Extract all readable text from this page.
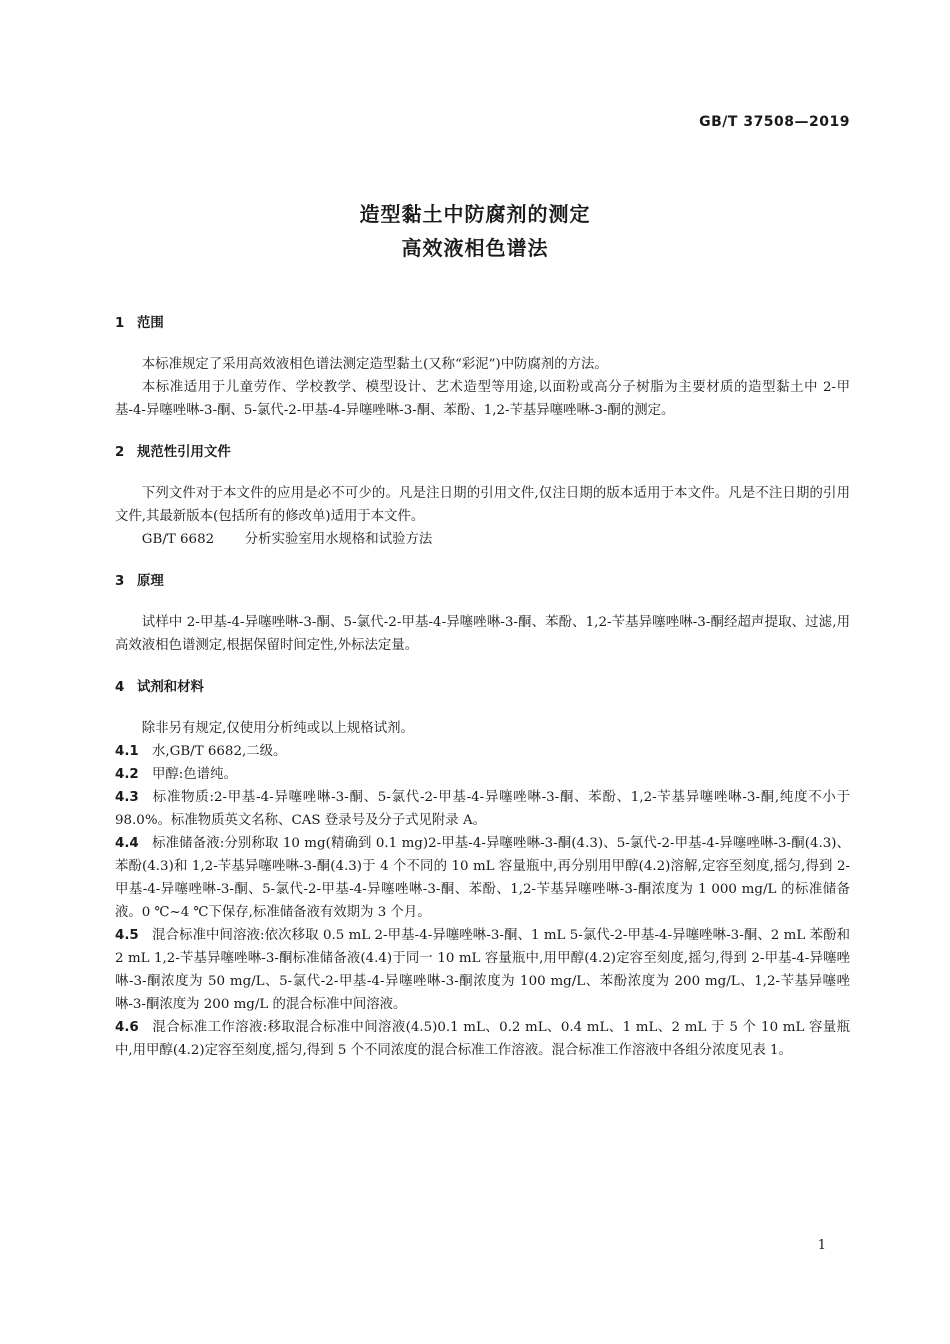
GB/T 37508—2019
造型黏土中防腐剂的测定
高效液相色谱法
1 范围
本标准规定了采用高效液相色谱法测定造型黏土(又称“彩泥”)中防腐剂的方法。
本标准适用于儿童劳作、学校教学、模型设计、艺术造型等用途,以面粉或高分子树脂为主要材质的造型黏土中 2-甲基-4-异噻唑啉-3-酮、5-氯代-2-甲基-4-异噻唑啉-3-酮、苯酚、1,2-苄基异噻唑啉-3-酮的测定。
2 规范性引用文件
下列文件对于本文件的应用是必不可少的。凡是注日期的引用文件,仅注日期的版本适用于本文件。凡是不注日期的引用文件,其最新版本(包括所有的修改单)适用于本文件。
GB/T 6682 分析实验室用水规格和试验方法
3 原理
试样中 2-甲基-4-异噻唑啉-3-酮、5-氯代-2-甲基-4-异噻唑啉-3-酮、苯酚、1,2-苄基异噻唑啉-3-酮经超声提取、过滤,用高效液相色谱测定,根据保留时间定性,外标法定量。
4 试剂和材料
除非另有规定,仅使用分析纯或以上规格试剂。
4.1 水,GB/T 6682,二级。
4.2 甲醇:色谱纯。
4.3 标准物质:2-甲基-4-异噻唑啉-3-酮、5-氯代-2-甲基-4-异噻唑啉-3-酮、苯酚、1,2-苄基异噻唑啉-3-酮,纯度不小于 98.0%。标准物质英文名称、CAS 登录号及分子式见附录 A。
4.4 标准储备液:分别称取 10 mg(精确到 0.1 mg)2-甲基-4-异噻唑啉-3-酮(4.3)、5-氯代-2-甲基-4-异噻唑啉-3-酮(4.3)、苯酚(4.3)和 1,2-苄基异噻唑啉-3-酮(4.3)于 4 个不同的 10 mL 容量瓶中,再分别用甲醇(4.2)溶解,定容至刻度,摇匀,得到 2-甲基-4-异噻唑啉-3-酮、5-氯代-2-甲基-4-异噻唑啉-3-酮、苯酚、1,2-苄基异噻唑啉-3-酮浓度为 1 000 mg/L 的标准储备液。0 ℃~4 ℃下保存,标准储备液有效期为 3 个月。
4.5 混合标准中间溶液:依次移取 0.5 mL 2-甲基-4-异噻唑啉-3-酮、1 mL 5-氯代-2-甲基-4-异噻唑啉-3-酮、2 mL 苯酚和 2 mL 1,2-苄基异噻唑啉-3-酮标准储备液(4.4)于同一 10 mL 容量瓶中,用甲醇(4.2)定容至刻度,摇匀,得到 2-甲基-4-异噻唑啉-3-酮浓度为 50 mg/L、5-氯代-2-甲基-4-异噻唑啉-3-酮浓度为 100 mg/L、苯酚浓度为 200 mg/L、1,2-苄基异噻唑啉-3-酮浓度为 200 mg/L 的混合标准中间溶液。
4.6 混合标准工作溶液:移取混合标准中间溶液(4.5)0.1 mL、0.2 mL、0.4 mL、1 mL、2 mL 于 5 个 10 mL 容量瓶中,用甲醇(4.2)定容至刻度,摇匀,得到 5 个不同浓度的混合标准工作溶液。混合标准工作溶液中各组分浓度见表 1。
1
